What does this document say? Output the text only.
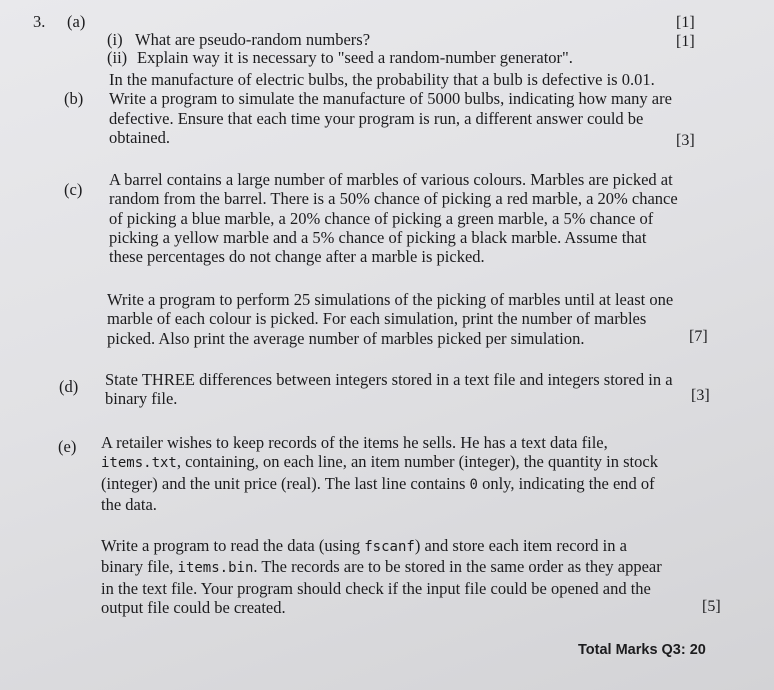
3. (a)
(i) What are pseudo-random numbers?
[1]
(ii) Explain way it is necessary to "seed a random-number generator".
[1]
(b)
In the manufacture of electric bulbs, the probability that a bulb is defective is 0.01.
Write a program to simulate the manufacture of 5000 bulbs, indicating how many are
defective. Ensure that each time your program is run, a different answer could be
obtained.	[3]
(c)
A barrel contains a large number of marbles of various colours. Marbles are picked at
random from the barrel. There is a 50% chance of picking a red marble, a 20% chance
of picking a blue marble, a 20% chance of picking a green marble, a 5% chance of
picking a yellow marble and a 5% chance of picking a black marble. Assume that
these percentages do not change after a marble is picked.
Write a program to perform 25 simulations of the picking of marbles until at least one
marble of each colour is picked. For each simulation, print the number of marbles
picked. Also print the average number of marbles picked per simulation.	[7]
(d) State THREE differences between integers stored in a text file and integers stored in a
binary file.	[3]
(e) A retailer wishes to keep records of the items he sells. He has a text data file,
items.txt, containing, on each line, an item number (integer), the quantity in stock
(integer) and the unit price (real). The last line contains 0 only, indicating the end of
the data.
Write a program to read the data (using fscanf) and store each item record in a
binary file, items.bin. The records are to be stored in the same order as they appear
in the text file. Your program should check if the input file could be opened and the
output file could be created.	[5]
Total Marks Q3: 20
